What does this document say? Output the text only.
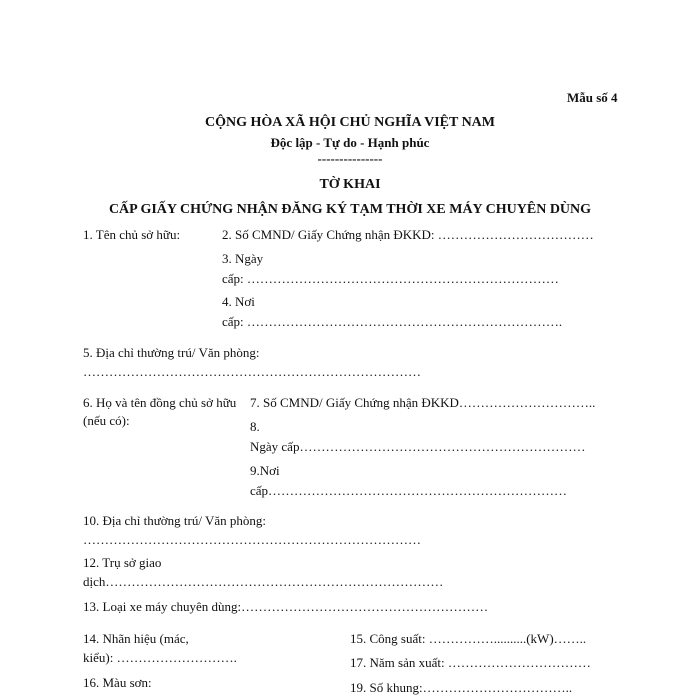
Mẫu số 4
CỘNG HÒA XÃ HỘI CHỦ NGHĨA VIỆT NAM
Độc lập - Tự do - Hạnh phúc
---------------
TỜ KHAI
CẤP GIẤY CHỨNG NHẬN ĐĂNG KÝ TẠM THỜI XE MÁY CHUYÊN DÙNG
1. Tên chủ sở hữu:	2. Số CMND/ Giấy Chứng nhận ĐKKD: ………………………………
3. Ngày
cấp: ………………………………………………………………
4. Nơi
cấp: ……………………………………………………………….
5. Địa chỉ thường trú/ Văn phòng:
……………………………………………………………………
6. Họ và tên đồng chủ sở hữu
(nếu có):
7. Số CMND/ Giấy Chứng nhận ĐKKD…………………………..
8.
Ngày cấp…………………………………………………………
9.Nơi
cấp……………………………………………………………
10. Địa chỉ thường trú/ Văn phòng:
……………………………………………………………………
12. Trụ sở giao
dịch……………………………………………………………………
13. Loại xe máy chuyên dùng:…………………………………………………
14. Nhãn hiệu (mác,
kiểu): ……………………….
15. Công suất: ……………..........(kW)……..
17. Năm sản xuất: ……………………………
16. Màu sơn:	19. Số khung:……………………………..
